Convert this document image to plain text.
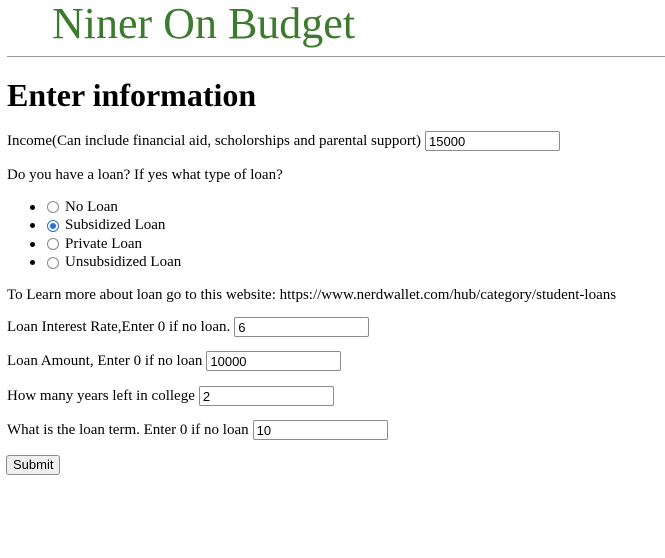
Niner On Budget
Enter information
Income(Can include financial aid, scholorships and parental support)
15000
Do you have a loan? If yes what type of loan?
No Loan
Subsidized Loan
Private Loan
Unsubsidized Loan
To Learn more about loan go to this website: https://www.nerdwallet.com/hub/category/student-loans
Loan Interest Rate,Enter 0 if no loan.
6
Loan Amount, Enter 0 if no loan
10000
How many years left in college
2
What is the loan term. Enter 0 if no loan
10
Submit
